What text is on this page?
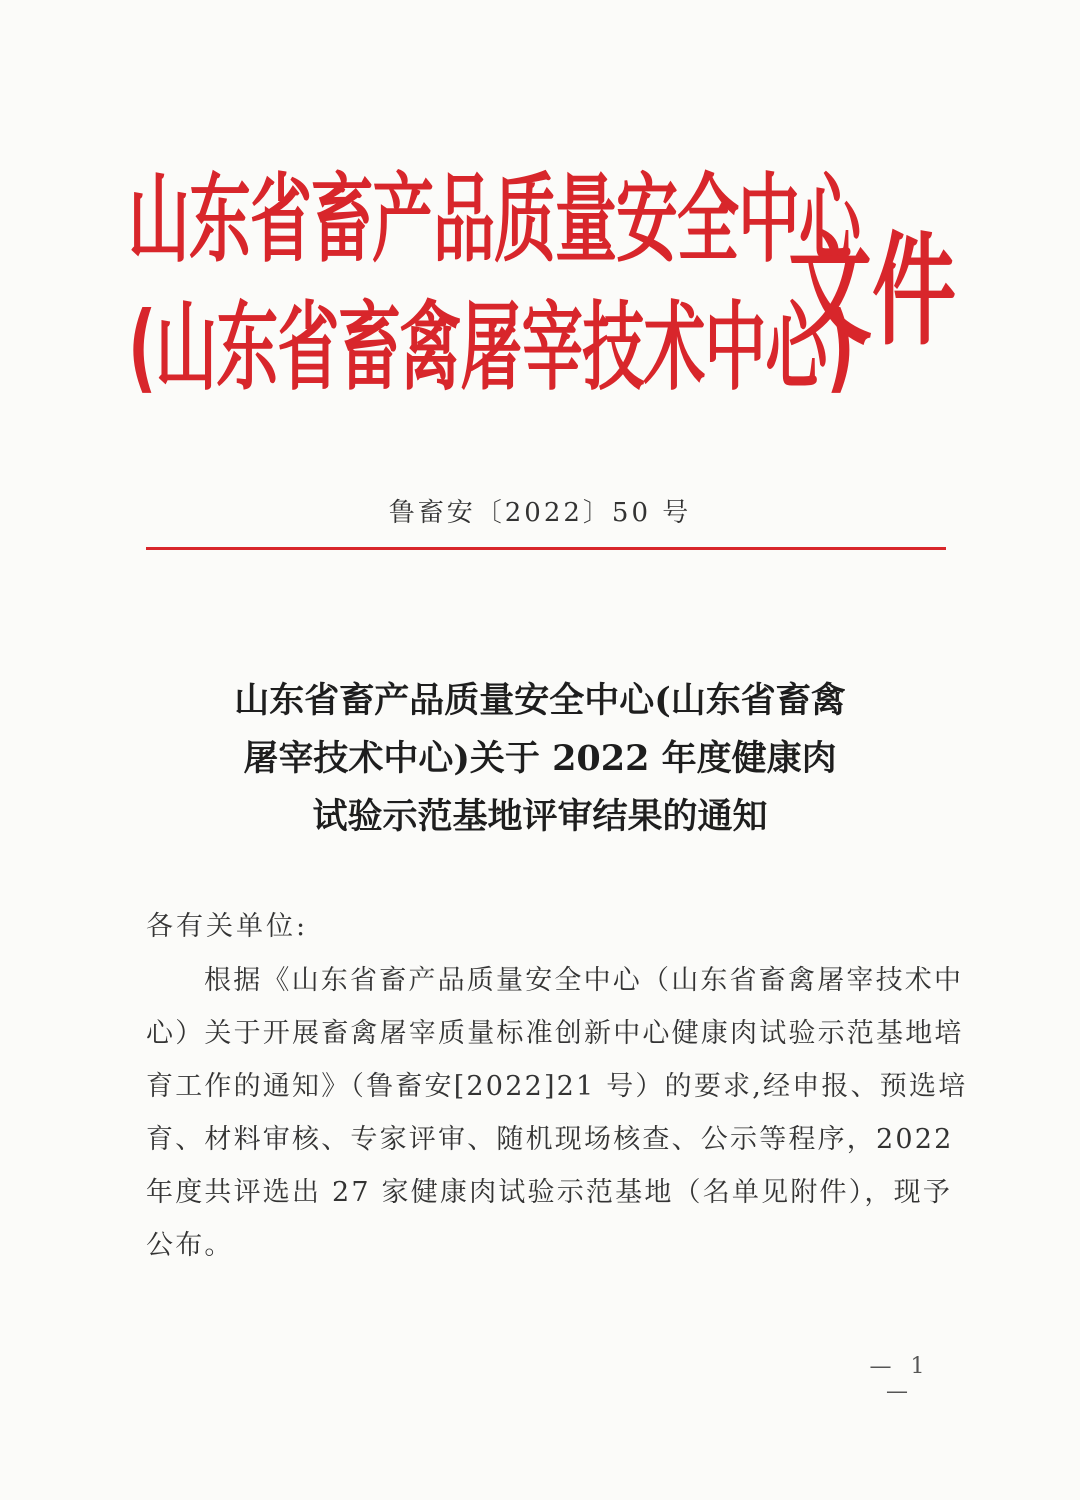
山东省畜产品质量安全中心
(山东省畜禽屠宰技术中心)
文件
鲁畜安〔2022〕50 号
山东省畜产品质量安全中心(山东省畜禽
屠宰技术中心)关于 2022 年度健康肉
试验示范基地评审结果的通知
各有关单位:
根据《山东省畜产品质量安全中心（山东省畜禽屠宰技术中
心）关于开展畜禽屠宰质量标准创新中心健康肉试验示范基地培
育工作的通知》（鲁畜安[2022]21 号）的要求,经申报、预选培
育、材料审核、专家评审、随机现场核查、公示等程序，2022
年度共评选出 27 家健康肉试验示范基地（名单见附件），现予
公布。
— 1 —
